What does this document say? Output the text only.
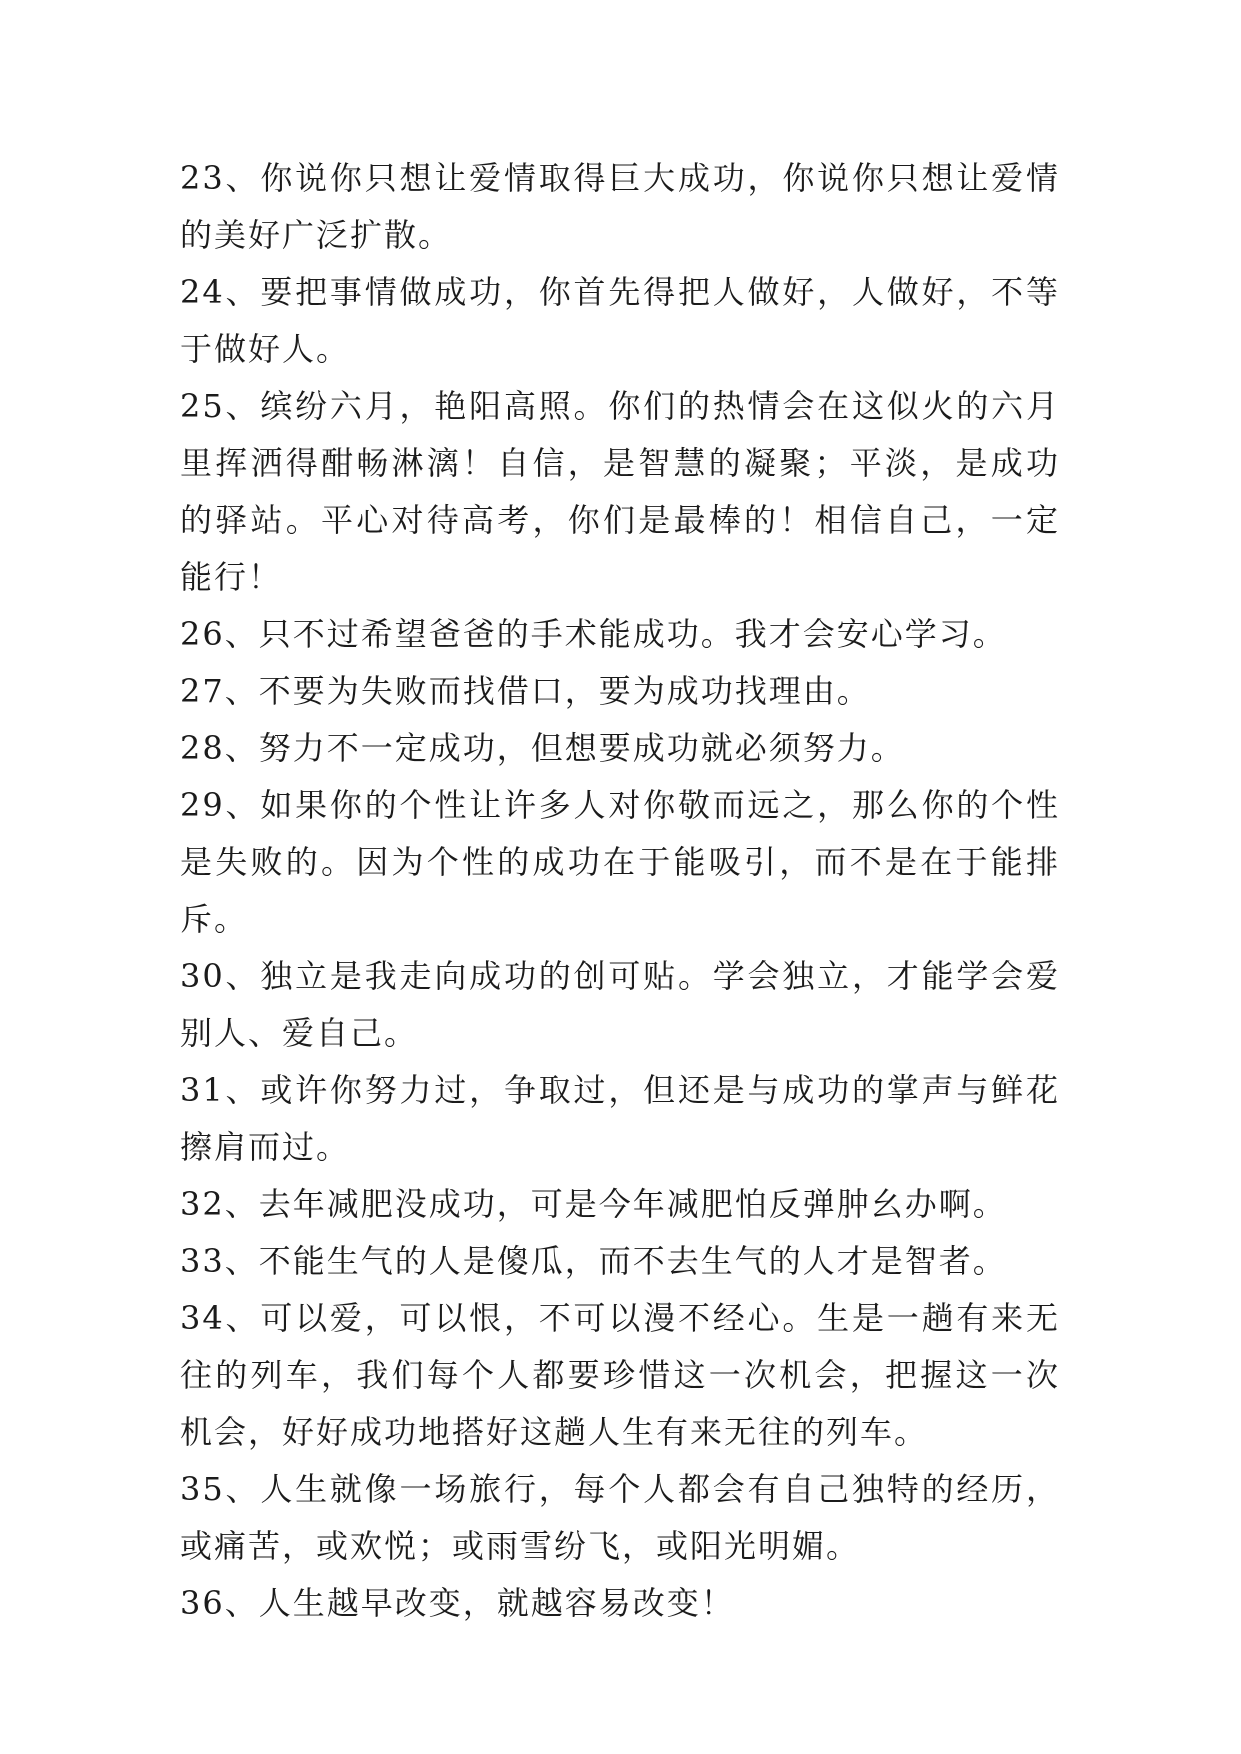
23、你说你只想让爱情取得巨大成功，你说你只想让爱情的美好广泛扩散。

24、要把事情做成功，你首先得把人做好，人做好，不等于做好人。

25、缤纷六月，艳阳高照。你们的热情会在这似火的六月里挥洒得酣畅淋漓！自信，是智慧的凝聚；平淡，是成功的驿站。平心对待高考，你们是最棒的！相信自己，一定能行！

26、只不过希望爸爸的手术能成功。我才会安心学习。

27、不要为失败而找借口，要为成功找理由。

28、努力不一定成功，但想要成功就必须努力。

29、如果你的个性让许多人对你敬而远之，那么你的个性是失败的。因为个性的成功在于能吸引，而不是在于能排斥。

30、独立是我走向成功的创可贴。学会独立，才能学会爱别人、爱自己。

31、或许你努力过，争取过，但还是与成功的掌声与鲜花擦肩而过。

32、去年减肥没成功，可是今年减肥怕反弹肿幺办啊。

33、不能生气的人是傻瓜，而不去生气的人才是智者。

34、可以爱，可以恨，不可以漫不经心。生是一趟有来无往的列车，我们每个人都要珍惜这一次机会，把握这一次机会，好好成功地搭好这趟人生有来无往的列车。

35、人生就像一场旅行，每个人都会有自己独特的经历，或痛苦，或欢悦；或雨雪纷飞，或阳光明媚。

36、人生越早改变，就越容易改变！
